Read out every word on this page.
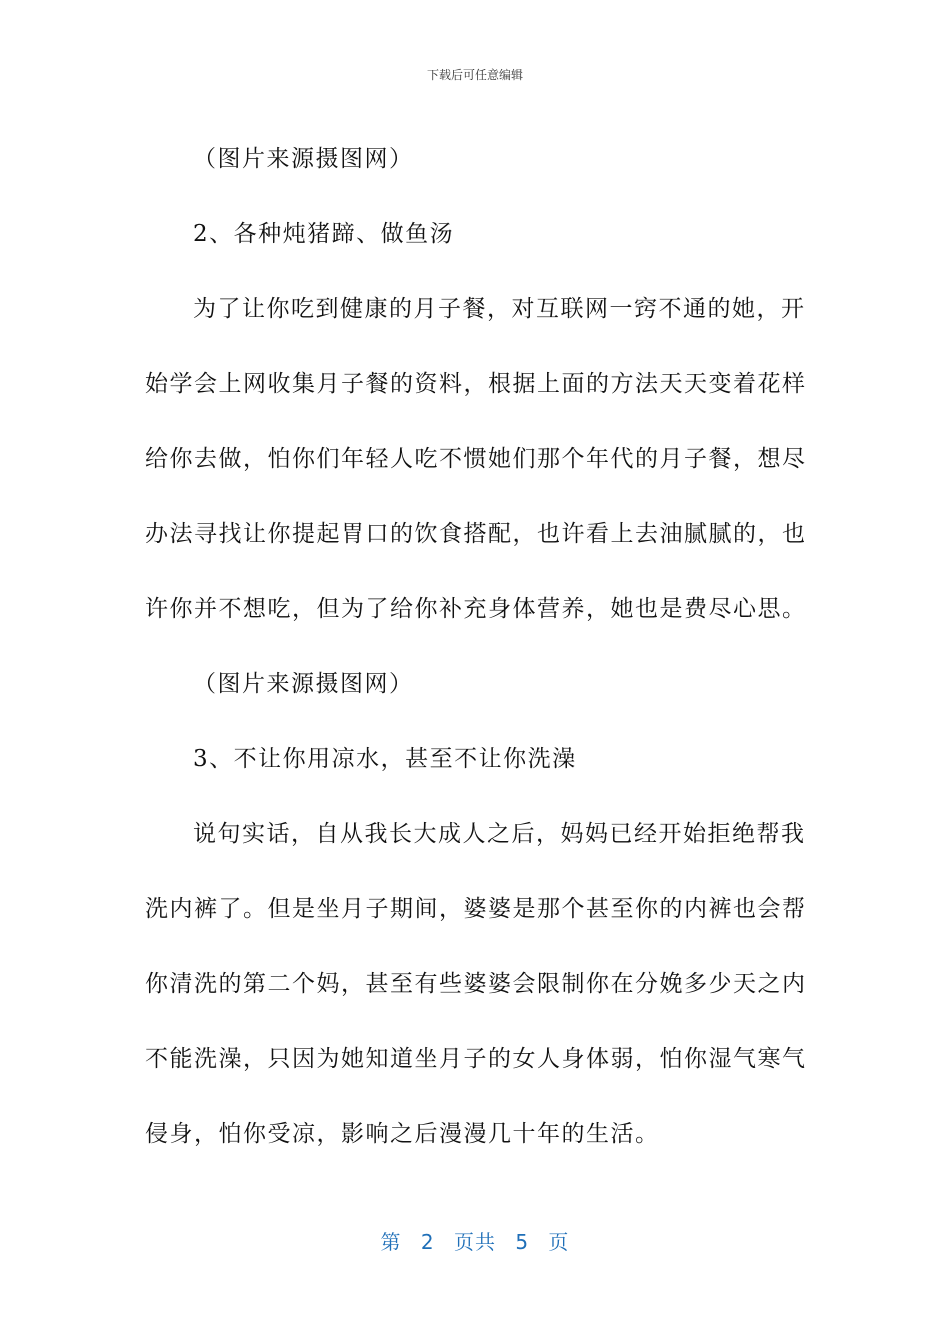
下载后可任意编辑
（图片来源摄图网）
2、各种炖猪蹄、做鱼汤
为了让你吃到健康的月子餐，对互联网一窍不通的她，开
始学会上网收集月子餐的资料，根据上面的方法天天变着花样
给你去做，怕你们年轻人吃不惯她们那个年代的月子餐，想尽
办法寻找让你提起胃口的饮食搭配，也许看上去油腻腻的，也
许你并不想吃，但为了给你补充身体营养，她也是费尽心思。
（图片来源摄图网）
3、不让你用凉水，甚至不让你洗澡
说句实话，自从我长大成人之后，妈妈已经开始拒绝帮我
洗内裤了。但是坐月子期间，婆婆是那个甚至你的内裤也会帮
你清洗的第二个妈，甚至有些婆婆会限制你在分娩多少天之内
不能洗澡，只因为她知道坐月子的女人身体弱，怕你湿气寒气
侵身，怕你受凉，影响之后漫漫几十年的生活。
第 2 页共 5 页
